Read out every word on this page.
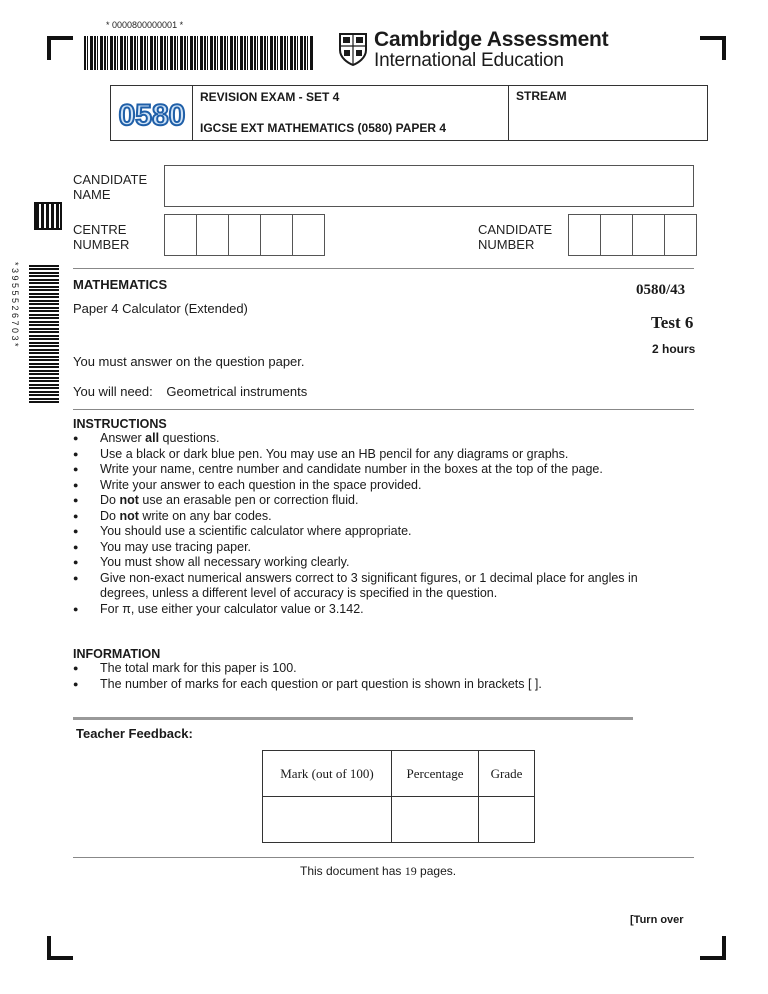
* 0000800000001 *
Cambridge Assessment
International Education
0580
REVISION EXAM - SET 4
IGCSE EXT MATHEMATICS (0580) PAPER 4
STREAM
CANDIDATE
NAME
CENTRE
NUMBER
CANDIDATE
NUMBER
* 3 9 5 5 5 2 6 7 0 3 *	MATHEMATICS
Paper 4 Calculator (Extended)
0580/43
Test 6
2 hours
You must answer on the question paper.
You will need: Geometrical instruments
INSTRUCTIONS
● Answer all questions.
● Use a black or dark blue pen. You may use an HB pencil for any diagrams or graphs.
● Write your name, centre number and candidate number in the boxes at the top of the page.
● Write your answer to each question in the space provided.
● Do not use an erasable pen or correction fluid.
● Do not write on any bar codes.
● You should use a scientific calculator where appropriate.
● You may use tracing paper.
● You must show all necessary working clearly.
● Give non-exact numerical answers correct to 3 significant figures, or 1 decimal place for angles in degrees, unless a different level of accuracy is specified in the question.
● For π, use either your calculator value or 3.142.
INFORMATION
● The total mark for this paper is 100.
● The number of marks for each question or part question is shown in brackets [ ].
Teacher Feedback:
Mark (out of 100)	Percentage	Grade

This document has 19 pages.
[Turn over
